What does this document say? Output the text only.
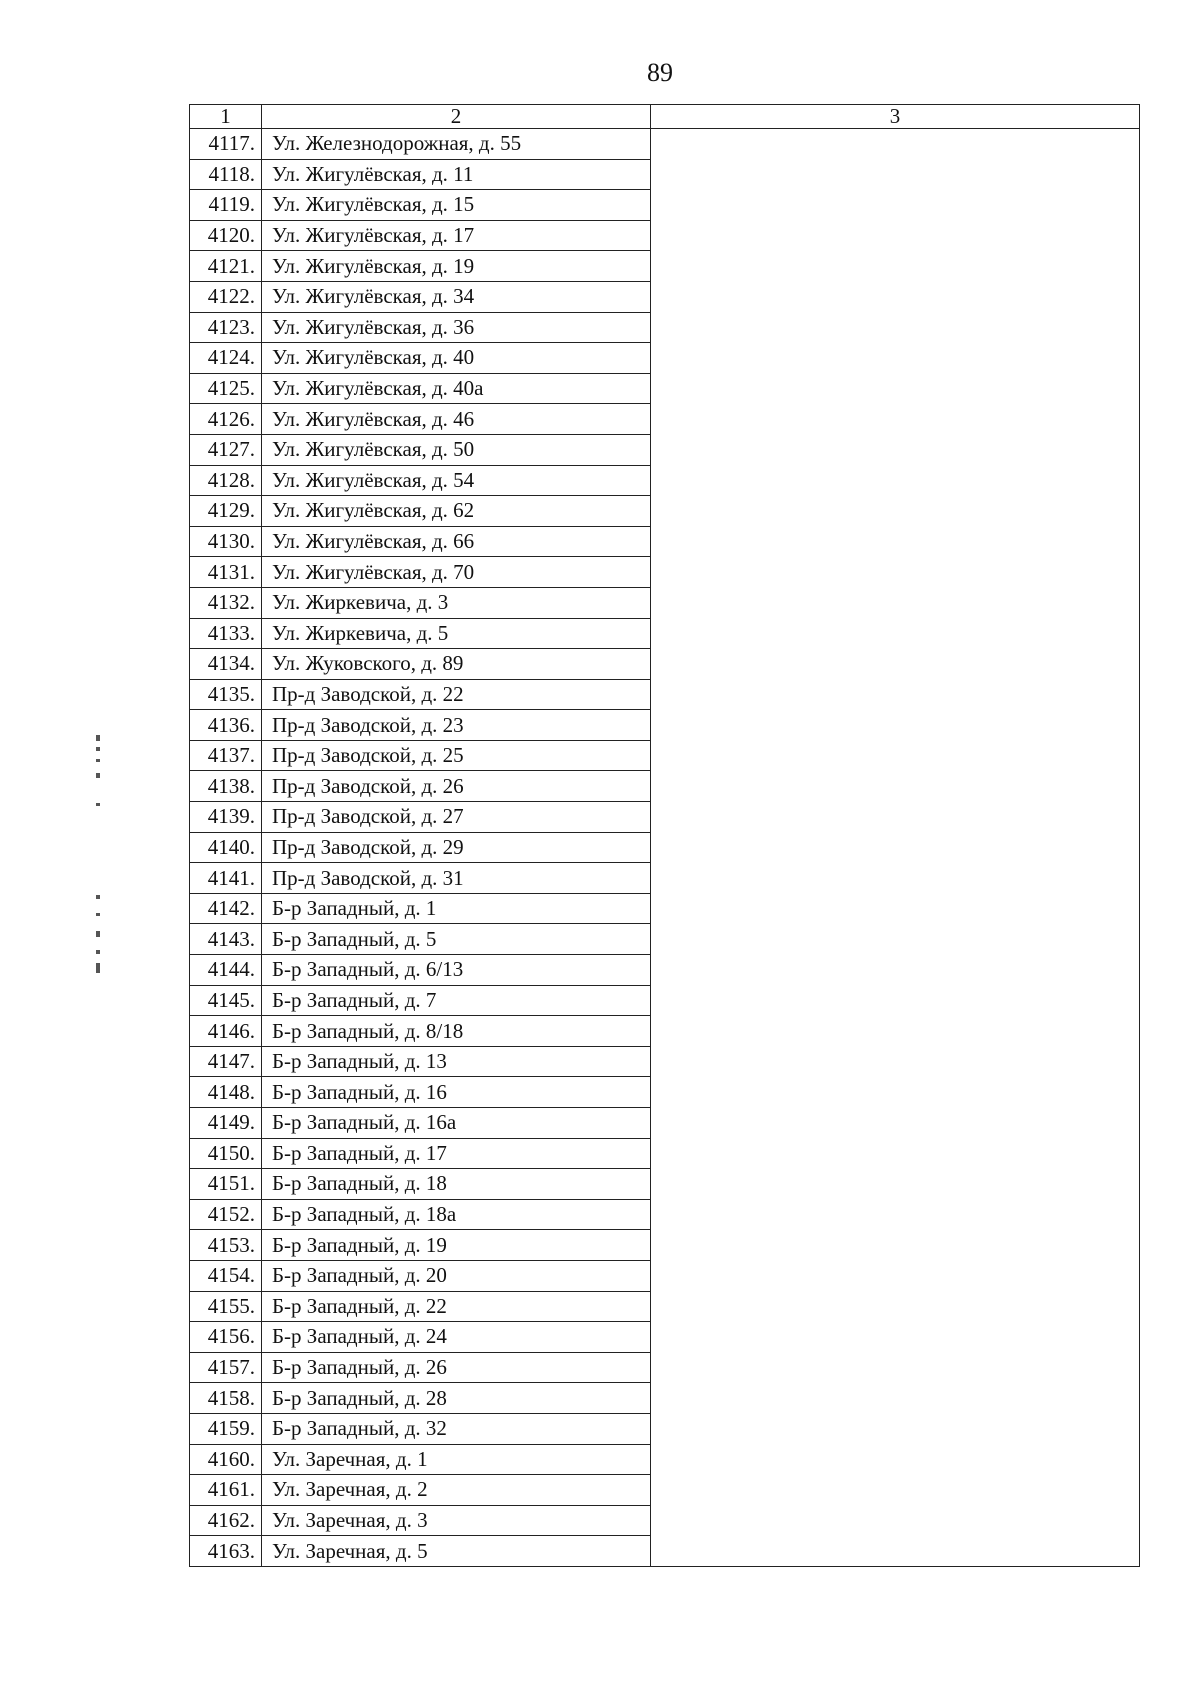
89
1	2	3
4117.	Ул. Железнодорожная, д. 55	
4118.	Ул. Жигулёвская, д. 11	
4119.	Ул. Жигулёвская, д. 15	
4120.	Ул. Жигулёвская, д. 17	
4121.	Ул. Жигулёвская, д. 19	
4122.	Ул. Жигулёвская, д. 34	
4123.	Ул. Жигулёвская, д. 36	
4124.	Ул. Жигулёвская, д. 40	
4125.	Ул. Жигулёвская, д. 40а	
4126.	Ул. Жигулёвская, д. 46	
4127.	Ул. Жигулёвская, д. 50	
4128.	Ул. Жигулёвская, д. 54	
4129.	Ул. Жигулёвская, д. 62	
4130.	Ул. Жигулёвская, д. 66	
4131.	Ул. Жигулёвская, д. 70	
4132.	Ул. Жиркевича, д. 3	
4133.	Ул. Жиркевича, д. 5	
4134.	Ул. Жуковского, д. 89	
4135.	Пр-д Заводской, д. 22	
4136.	Пр-д Заводской, д. 23	
4137.	Пр-д Заводской, д. 25	
4138.	Пр-д Заводской, д. 26	
4139.	Пр-д Заводской, д. 27	
4140.	Пр-д Заводской, д. 29	
4141.	Пр-д Заводской, д. 31	
4142.	Б-р Западный, д. 1	
4143.	Б-р Западный, д. 5	
4144.	Б-р Западный, д. 6/13	
4145.	Б-р Западный, д. 7	
4146.	Б-р Западный, д. 8/18	
4147.	Б-р Западный, д. 13	
4148.	Б-р Западный, д. 16	
4149.	Б-р Западный, д. 16а	
4150.	Б-р Западный, д. 17	
4151.	Б-р Западный, д. 18	
4152.	Б-р Западный, д. 18а	
4153.	Б-р Западный, д. 19	
4154.	Б-р Западный, д. 20	
4155.	Б-р Западный, д. 22	
4156.	Б-р Западный, д. 24	
4157.	Б-р Западный, д. 26	
4158.	Б-р Западный, д. 28	
4159.	Б-р Западный, д. 32	
4160.	Ул. Заречная, д. 1	
4161.	Ул. Заречная, д. 2	
4162.	Ул. Заречная, д. 3	
4163.	Ул. Заречная, д. 5	
